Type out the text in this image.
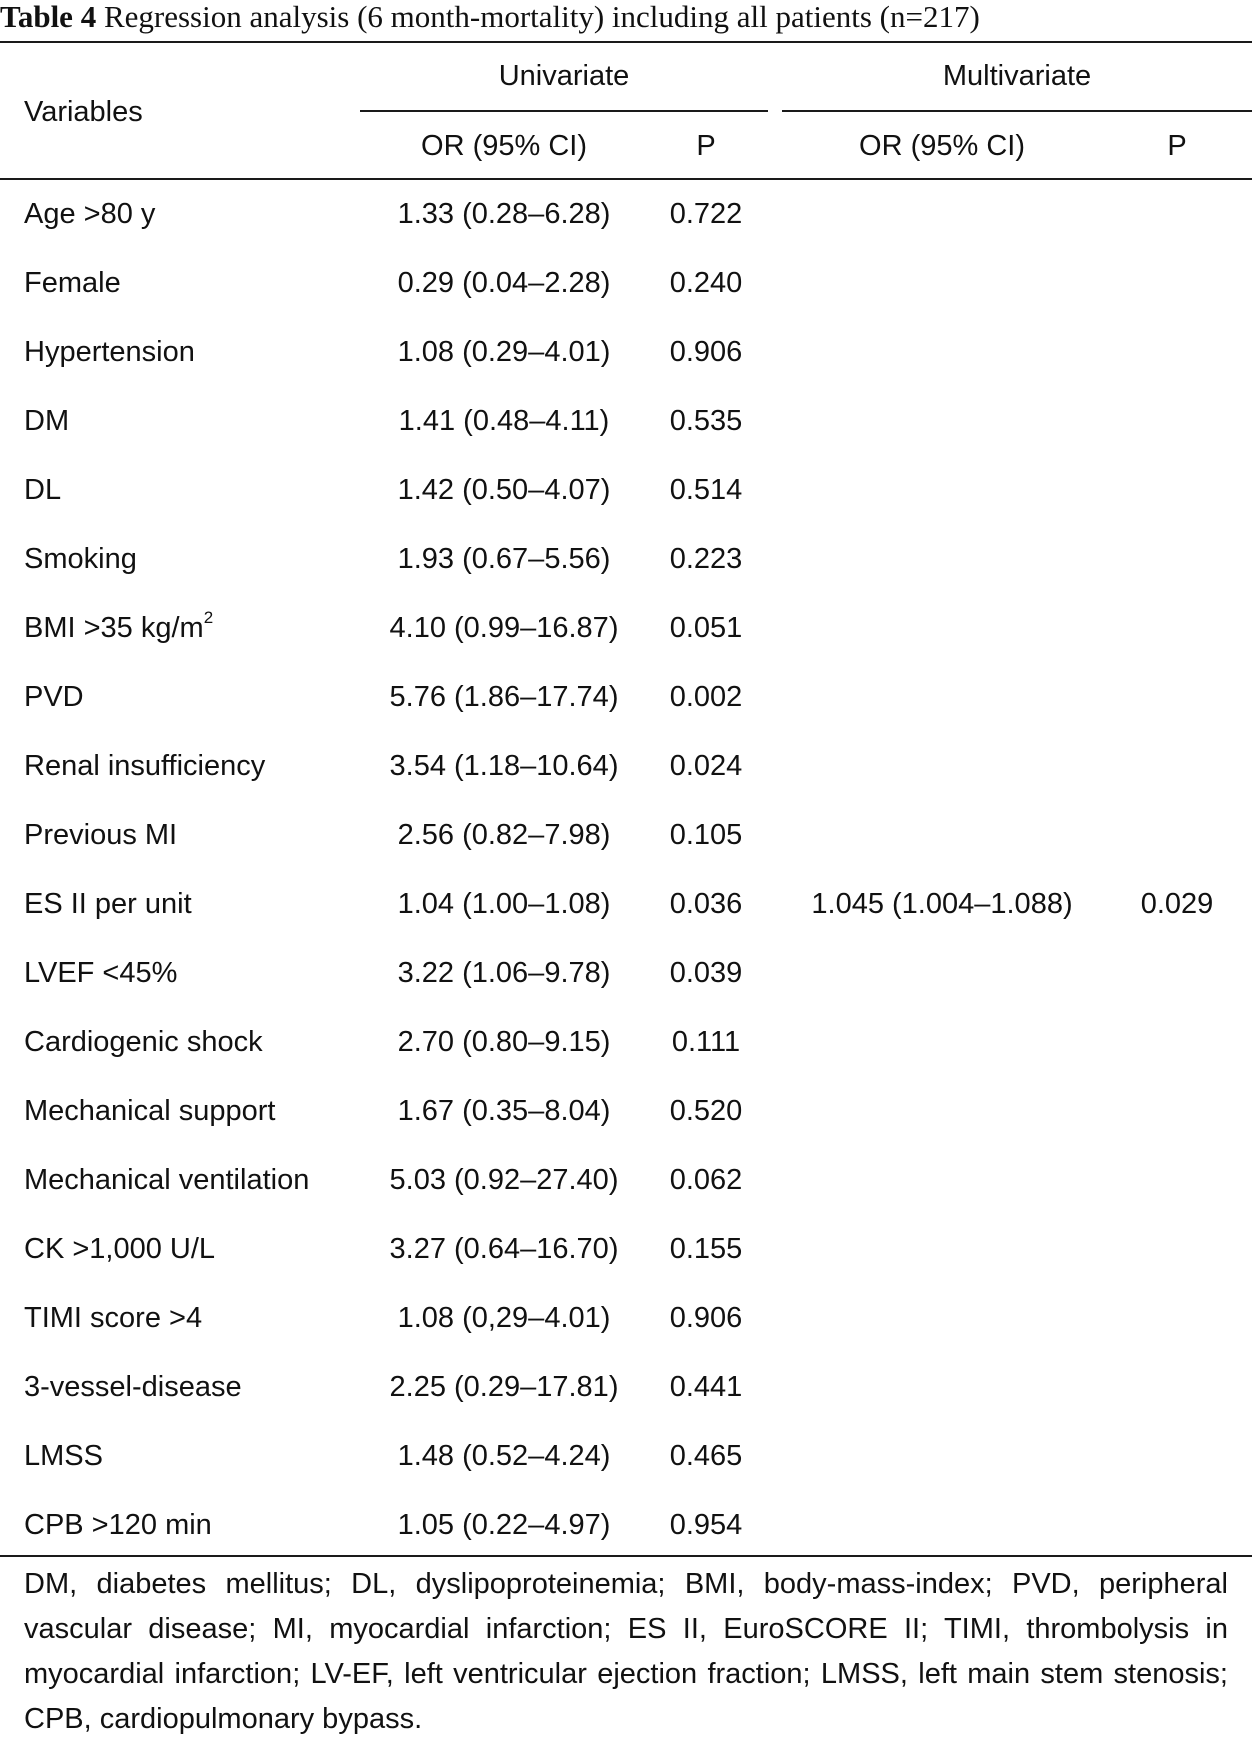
Table 4 Regression analysis (6 month-mortality) including all patients (n=217)
Variables
Univariate	Multivariate
OR (95% CI)	P	OR (95% CI)	P
Age >80 y	1.33 (0.28–6.28) 0.722
Female	0.29 (0.04–2.28) 0.240
Hypertension	1.08 (0.29–4.01) 0.906
DM	1.41 (0.48–4.11) 0.535
DL	1.42 (0.50–4.07) 0.514
Smoking	1.93 (0.67–5.56) 0.223
BMI >35 $kg/m^2$	4.10 (0.99–16.87) 0.051
PVD	5.76 (1.86–17.74) 0.002
Renal insufficiency	3.54 (1.18–10.64) 0.024
Previous MI	2.56 (0.82–7.98) 0.105
ES II per unit	1.04 (1.00–1.08) 0.036 1.045 (1.004–1.088) 0.029
LVEF <45%	3.22 (1.06–9.78) 0.039
Cardiogenic shock	2.70 (0.80–9.15) 0.111
Mechanical support	1.67 (0.35–8.04) 0.520
Mechanical ventilation	5.03 (0.92–27.40) 0.062
CK >1,000 U/L	3.27 (0.64–16.70) 0.155
TIMI score >4	1.08 (0,29–4.01) 0.906
3-vessel-disease	2.25 (0.29–17.81) 0.441
LMSS	1.48 (0.52–4.24) 0.465
CPB >120 min	1.05 (0.22–4.97) 0.954
DM, diabetes mellitus; DL, dyslipoproteinemia; BMI, body-mass-index; PVD, peripheral vascular disease; MI, myocardial infarction; ES II, EuroSCORE II; TIMI, thrombolysis in myocardial infarction; LV-EF, left ventricular ejection fraction; LMSS, left main stem stenosis; CPB, cardiopulmonary bypass.
